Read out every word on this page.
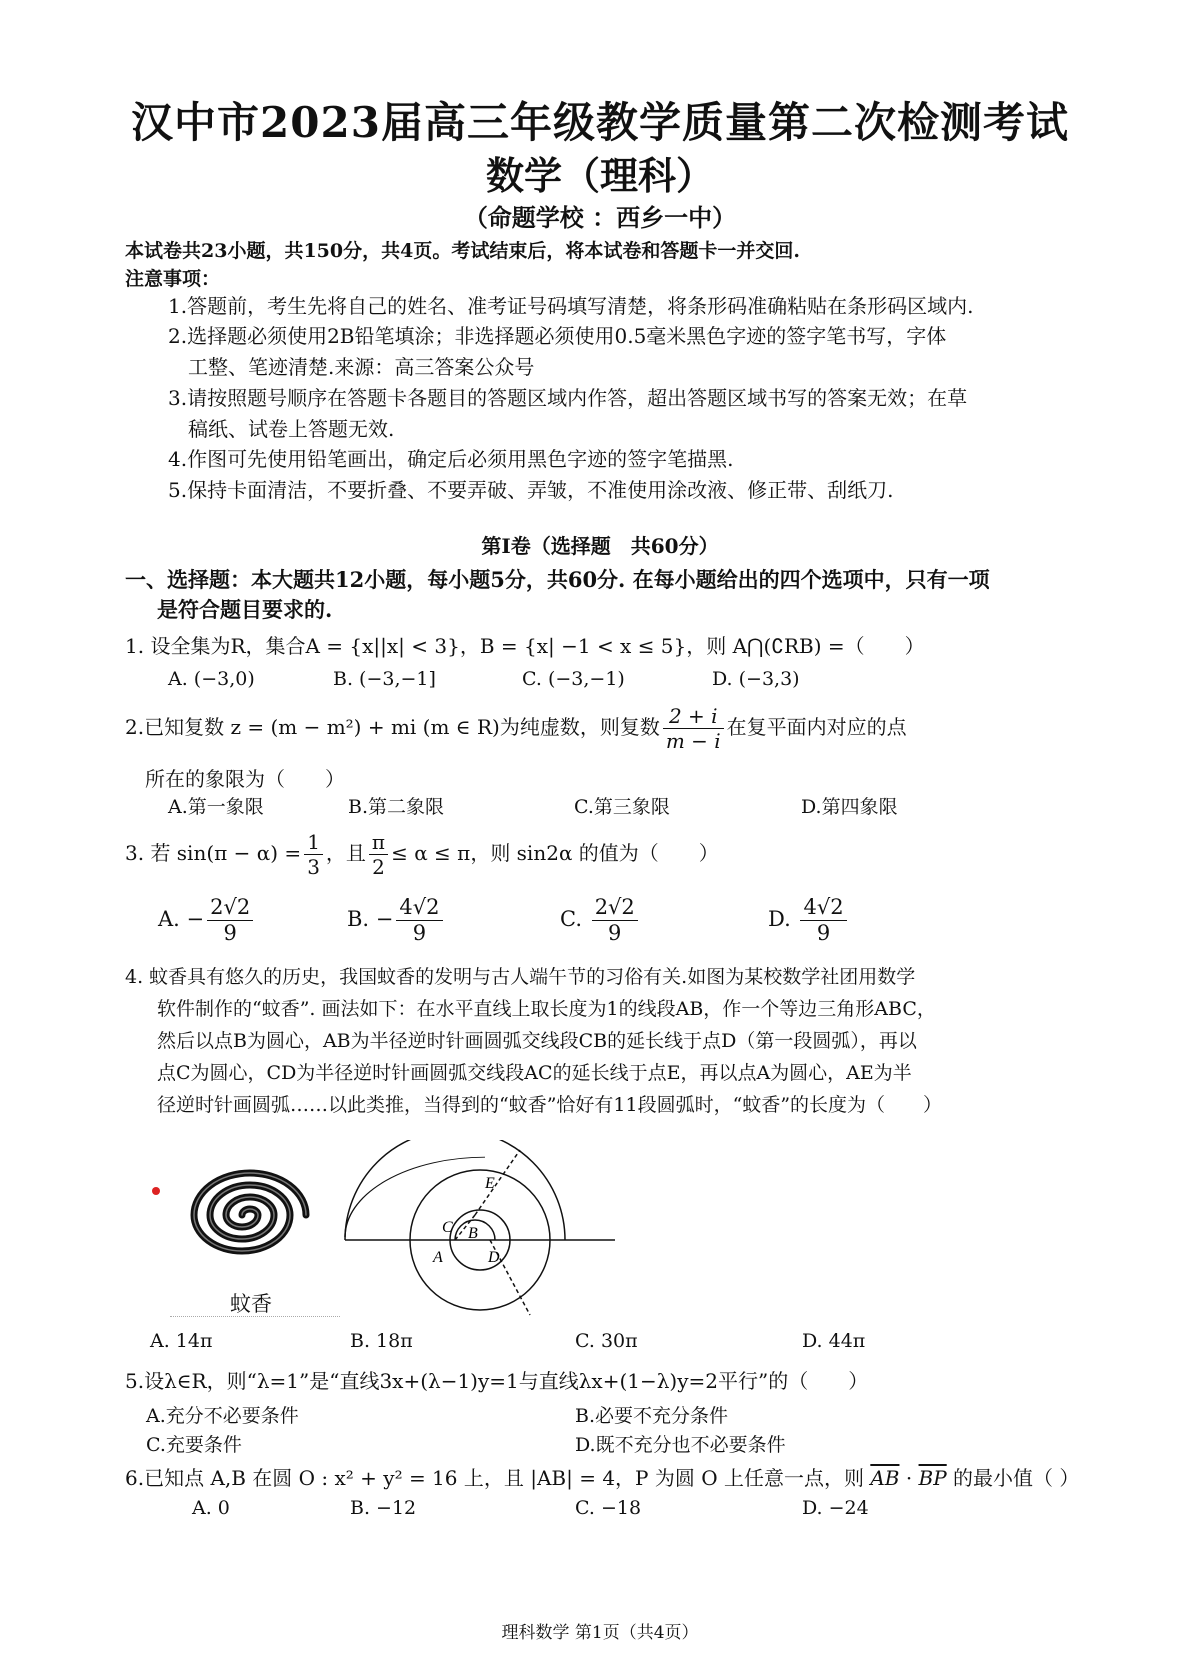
汉中市2023届高三年级教学质量第二次检测考试
数学（理科）
（命题学校 ：西乡一中）
本试卷共23小题，共150分，共4页。考试结束后，将本试卷和答题卡一并交回.
注意事项：
1.答题前，考生先将自己的姓名、准考证号码填写清楚，将条形码准确粘贴在条形码区域内.
2.选择题必须使用2B铅笔填涂；非选择题必须使用0.5毫米黑色字迹的签字笔书写，字体
工整、笔迹清楚.来源：高三答案公众号
3.请按照题号顺序在答题卡各题目的答题区域内作答，超出答题区域书写的答案无效；在草
稿纸、试卷上答题无效.
4.作图可先使用铅笔画出，确定后必须用黑色字迹的签字笔描黑.
5.保持卡面清洁，不要折叠、不要弄破、弄皱，不准使用涂改液、修正带、刮纸刀.
第Ⅰ卷（选择题　共60分）
一、选择题：本大题共12小题，每小题5分，共60分. 在每小题给出的四个选项中，只有一项
是符合题目要求的.
1. 设全集为R，集合A = {x||x| < 3}，B = {x| −1 < x ≤ 5}，则 A⋂(∁RB) =（　　）
A. (−3,0)	B. (−3,−1]	C. (−3,−1)	D. (−3,3)
2.已知复数 z = (m − m²) + mi (m ∈ R)为纯虚数，则复数 $\frac{2 + i}{m - i}$ 在复平面内对应的点
所在的象限为（　　）
A.第一象限	B.第二象限	C.第三象限	D.第四象限
3. 若 $\sin(\pi - \alpha) = \frac{1}{3}$ ，且 $\frac{\pi}{2} \le \alpha \le \pi$，则 sin2α 的值为（　　）
A. − $\frac{2√2}{9}$	B. − $\frac{4√2}{9}$	C. $\frac{2√2}{9}$	D. $\frac{4√2}{9}$
4. 蚊香具有悠久的历史，我国蚊香的发明与古人端午节的习俗有关.如图为某校数学社团用数学
软件制作的“蚊香”. 画法如下：在水平直线上取长度为1的线段AB，作一个等边三角形ABC，
然后以点B为圆心，AB为半径逆时针画圆弧交线段CB的延长线于点D（第一段圆弧），再以
点C为圆心，CD为半径逆时针画圆弧交线段AC的延长线于点E，再以点A为圆心，AE为半
径逆时针画圆弧……以此类推，当得到的“蚊香”恰好有11段圆弧时，“蚊香”的长度为（　　）
蚊香
E
C B
A	D
A. 14π	B. 18π	C. 30π	D. 44π
5.设λ∈R，则“λ=1”是“直线3x+(λ−1)y=1与直线λx+(1−λ)y=2平行”的（　　）
A.充分不必要条件	B.必要不充分条件
C.充要条件	D.既不充分也不必要条件
6.已知点 A,B 在圆 O : x² + y² = 16 上，且 |AB| = 4，P 为圆 O 上任意一点，则 $\overline{AB} \cdot \overline{BP}$ 的最小值（ ）
A. 0	B. −12	C. −18	D. −24
理科数学 第1页（共4页）
